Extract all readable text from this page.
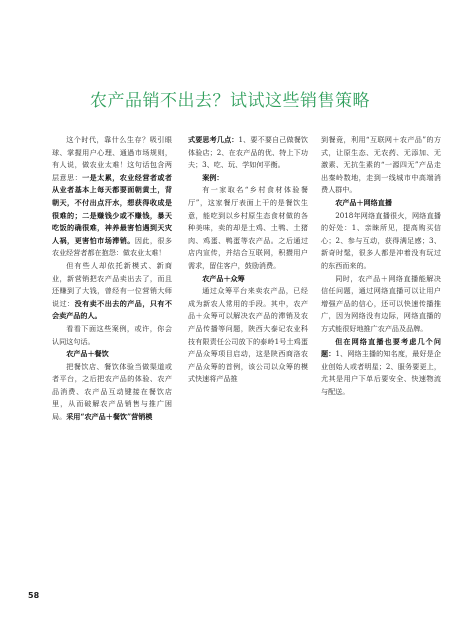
农产品销不出去？试试这些销售策略

这个时代，靠什么生存？吸引眼球、掌握用户心理、通過市场规则，有人说，做农业太难！这句话包含两层意思：一是太累，农业经营者或者从业者基本上每天都要面朝黄土，背朝天，不付出点汗水，想获得收成是很难的；二是赚钱少或不赚钱，暴天吃饭的确很难，神养最害怕遇到天灾人祸，更害怕市场滞销。因此，很多农业经营者都在抱怨：做农业太难！

但有些人却依托新模式、新商业，新营销把农产品卖出去了，而且还赚到了大钱，曾经有一位营销大师说过：没有卖不出去的产品，只有不会卖产品的人。

看看下面这些案例，或许，你会认同这句话。

农产品＋餐饮

把餐饮店、餐饮体验当做渠道或者平台，之后把农产品的体验、农产品消费、农产品互动键接在餐饮店里，从而破解农产品销售与推广困局。采用“农产品＋餐饮”营销模

式要思考几点：1、要不要自己做餐饮体验店；2、在农产品的优、特上下功夫；3、吃、玩、学如何平衡。

案例：

有一家取名“乡村食材体验餐厅”，这家餐厅表面上干的是餐饮生意，能吃到以乡村原生态食材做的各种美味，卖的却是土鸡、土鸭、土猪肉、鸡蛋、鸭蛋等农产品。之后通过店内宣传，并结合互联网，积攒用户需求，留住客户，鼓励消费。

农产品＋众筹

通过众筹平台来卖农产品，已经成为新农人常用的手段。其中，农产品＋众筹可以解决农产品的滞销及农产品传播等问题，陕西大泰记农业科技有限责任公司放下的泰岭1号土鸡蛋产品众筹项目启动，这是陕西商洛农产品众筹的首例，该公司以众筹的模式快速将产品推

到餐竟，利用“互联网＋农产品”的方式，让原生态、无农药、无添加、无激素、无抗生素的“一源四无”产品走出秦岭数地，走到一线城市中高端消费人群中。

农产品＋网络直播

2018年网络直播很火，网络直播的好处：1、亲睐所见，提高购买信心；2、参与互动，获得满足感；3、新奇时髦，很多人都是冲着没有玩过的东西而来的。

同时，农产品＋网络直播能解决信任问题，通过网络直播可以让用户增强产品的信心，还可以快速传播推广，因为网络没有边际，网络直播的方式能很好地推广农产品及品牌。

但在网络直播也要考虑几个问题：1、网络主播的知名度，最好是企业创始人或者明星；2、服务要更上，尤其是用户下单后要安全、快速物流与配送。

58
